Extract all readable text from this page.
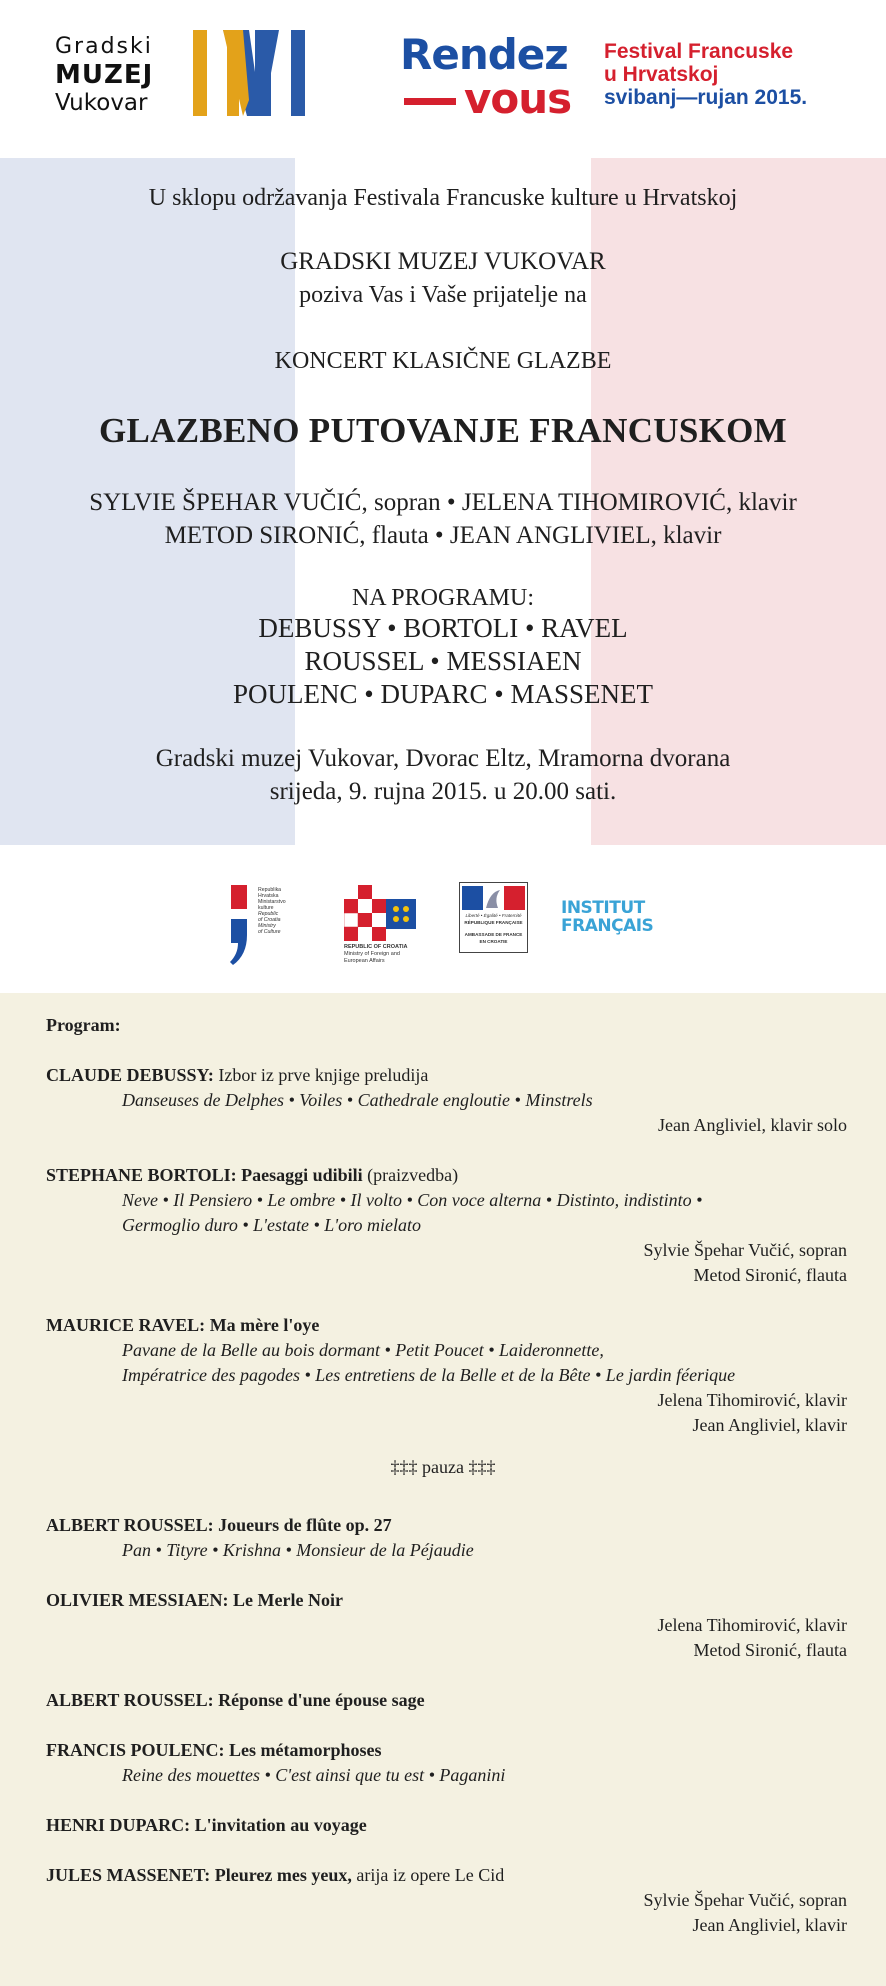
Gradski
MUZEJ
Vukovar
Rendez
vous
Festival Francuske
u Hrvatskoj
svibanj—rujan 2015.
U sklopu održavanja Festivala Francuske kulture u Hrvatskoj
GRADSKI MUZEJ VUKOVAR
poziva Vas i Vaše prijatelje na
KONCERT KLASIČNE GLAZBE
GLAZBENO PUTOVANJE FRANCUSKOM
SYLVIE ŠPEHAR VUČIĆ, sopran • JELENA TIHOMIROVIĆ, klavir
METOD SIRONIĆ, flauta • JEAN ANGLIVIEL, klavir
NA PROGRAMU:
DEBUSSY • BORTOLI • RAVEL
ROUSSEL • MESSIAEN
POULENC • DUPARC • MASSENET
Gradski muzej Vukovar, Dvorac Eltz, Mramorna dvorana
srijeda, 9. rujna 2015. u 20.00 sati.
Republika
Hrvatska
Ministarstvo
kulture
Republic
of Croatia
Ministry
of Culture
REPUBLIC OF CROATIA
Ministry of Foreign and
European Affairs
Liberté • Égalité • Fraternité
RÉPUBLIQUE FRANÇAISE
AMBASSADE DE FRANCE
EN CROATIE
INSTITUT
FRANÇAIS
Program:
CLAUDE DEBUSSY: Izbor iz prve knjige preludija
Danseuses de Delphes • Voiles • Cathedrale engloutie • Minstrels
Jean Angliviel, klavir solo
STEPHANE BORTOLI: Paesaggi udibili (praizvedba)
Neve • Il Pensiero • Le ombre • Il volto • Con voce alterna • Distinto, indistinto •
Germoglio duro • L'estate • L'oro mielato
Sylvie Špehar Vučić, sopran
Metod Sironić, flauta
MAURICE RAVEL: Ma mère l'oye
Pavane de la Belle au bois dormant • Petit Poucet • Laideronnette,
Impératrice des pagodes • Les entretiens de la Belle et de la Bête • Le jardin féerique
Jelena Tihomirović, klavir
Jean Angliviel, klavir
‡‡‡ pauza ‡‡‡
ALBERT ROUSSEL: Joueurs de flûte op. 27
Pan • Tityre • Krishna • Monsieur de la Péjaudie
OLIVIER MESSIAEN: Le Merle Noir
Jelena Tihomirović, klavir
Metod Sironić, flauta
ALBERT ROUSSEL: Réponse d'une épouse sage
FRANCIS POULENC: Les métamorphoses
Reine des mouettes • C'est ainsi que tu est • Paganini
HENRI DUPARC: L'invitation au voyage
JULES MASSENET: Pleurez mes yeux, arija iz opere Le Cid
Sylvie Špehar Vučić, sopran
Jean Angliviel, klavir
